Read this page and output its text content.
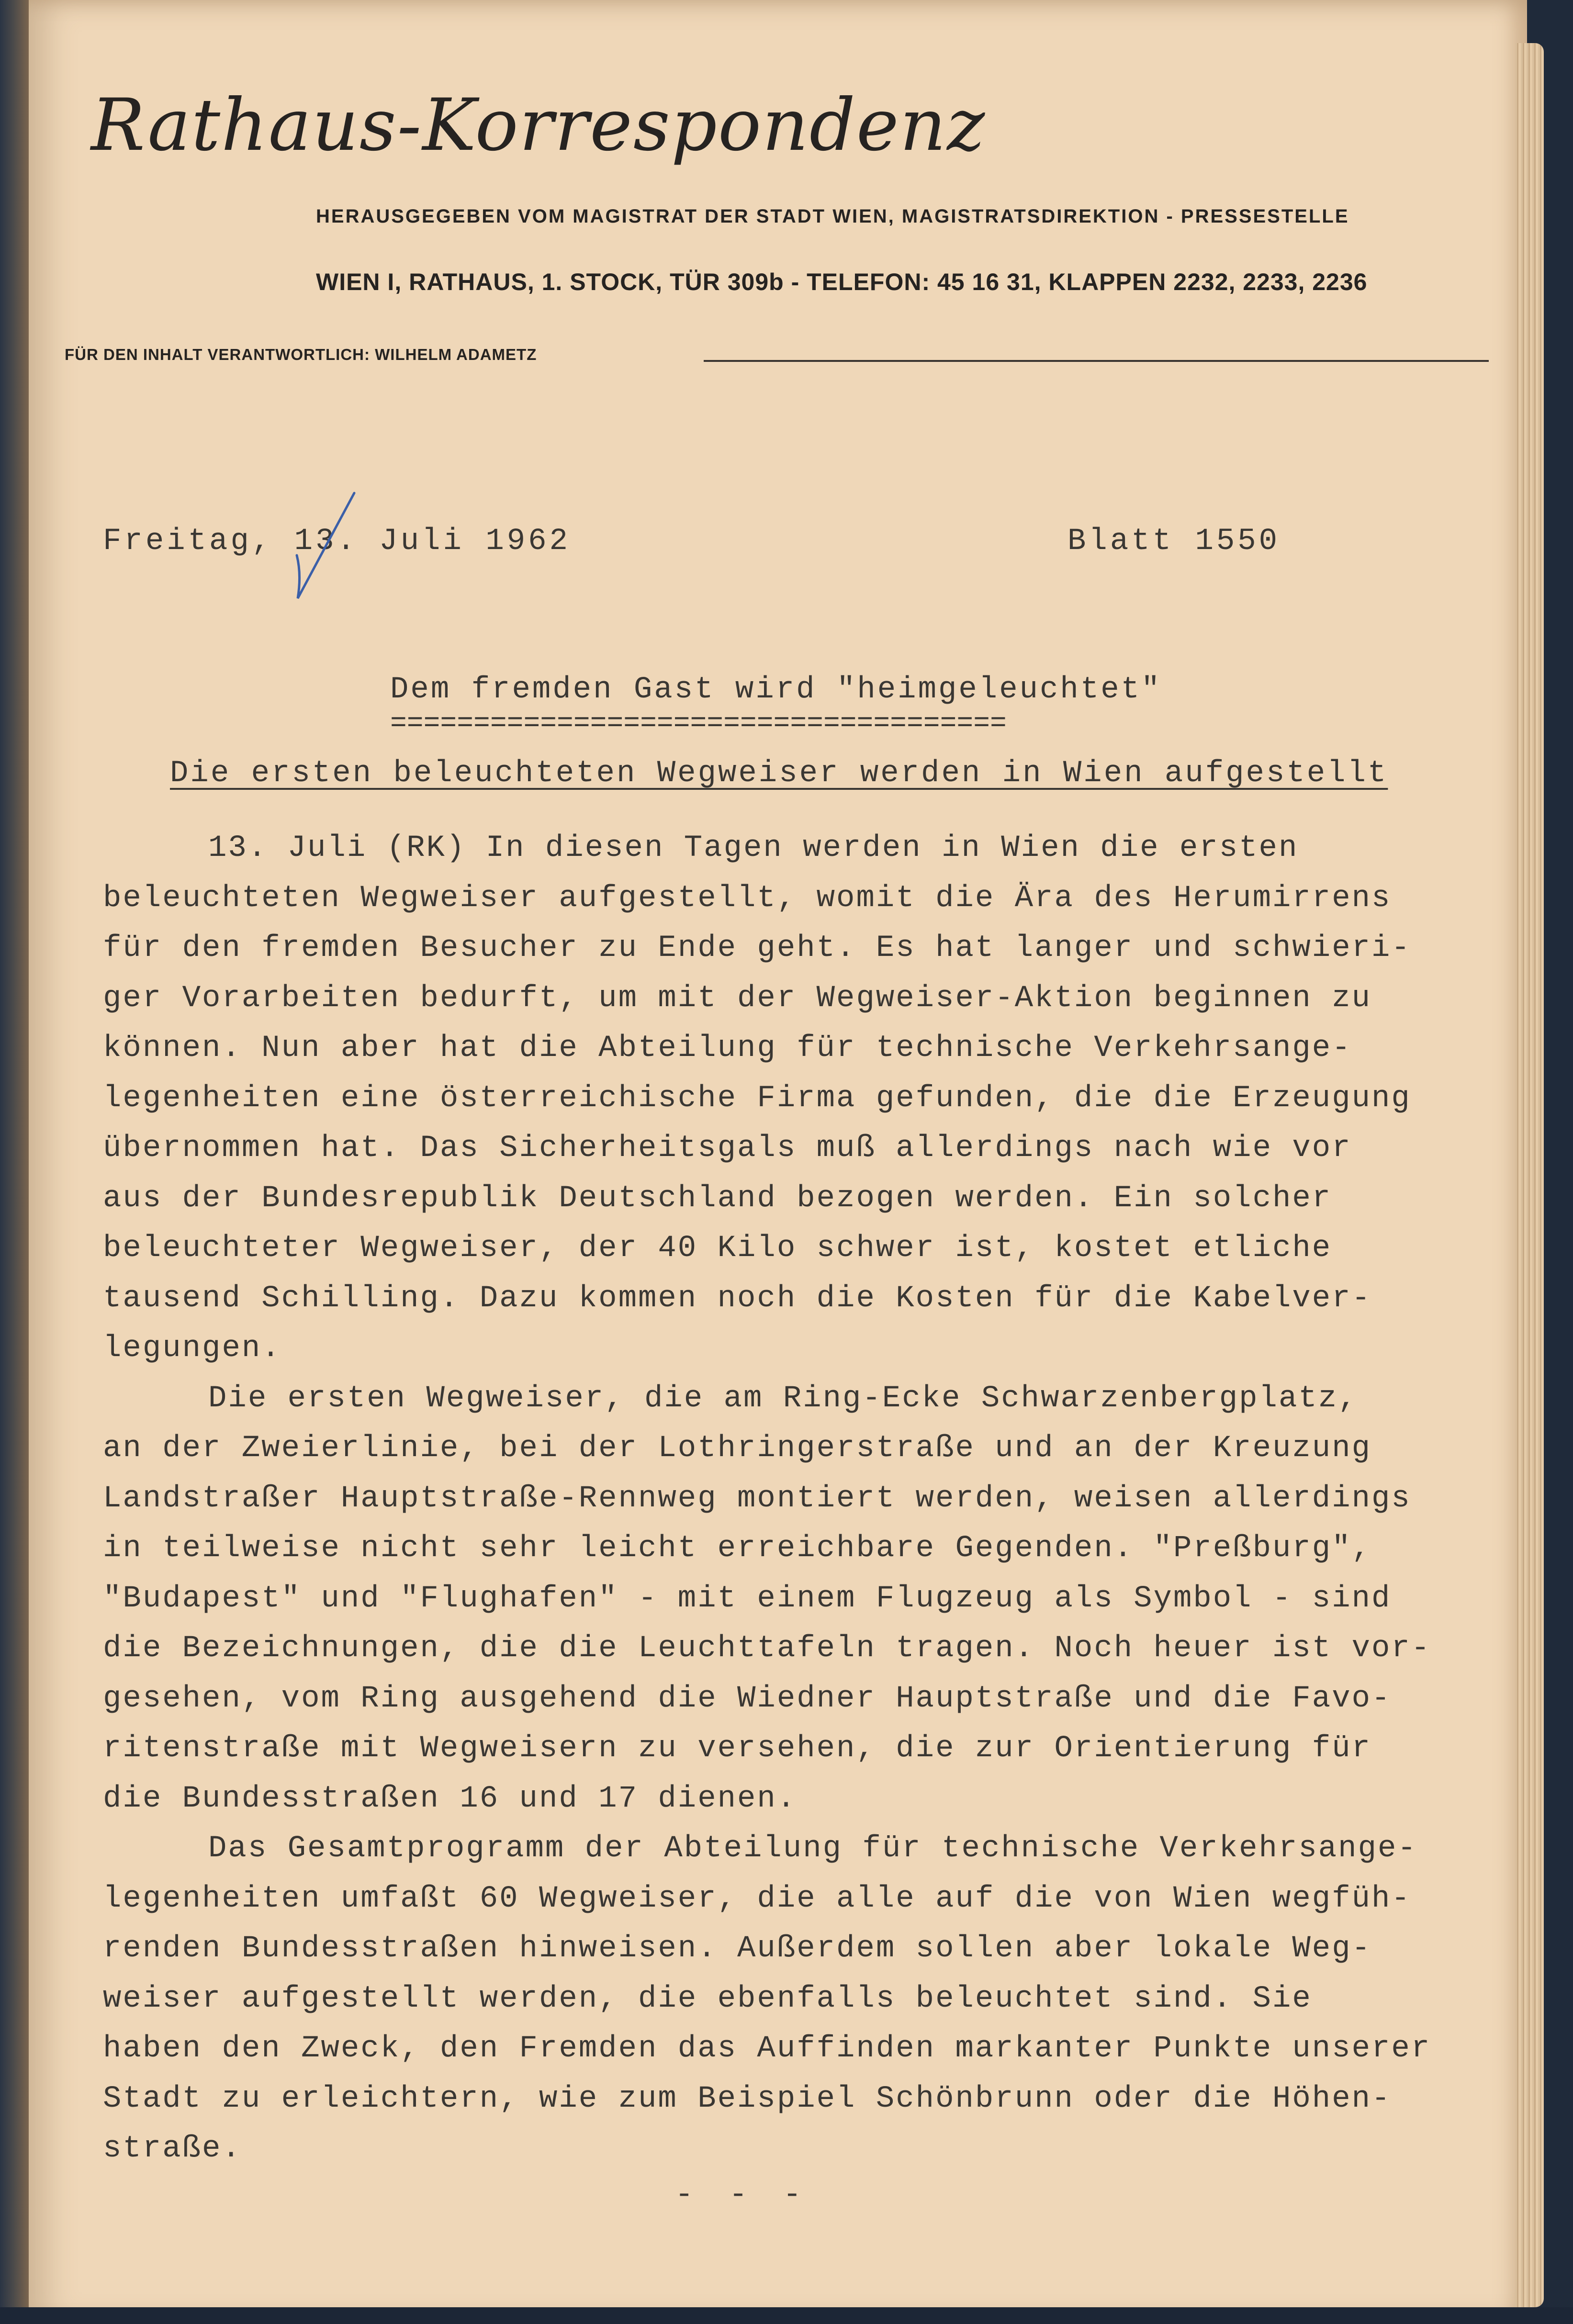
Rathaus-Korrespondenz
HERAUSGEGEBEN VOM MAGISTRAT DER STADT WIEN, MAGISTRATSDIREKTION - PRESSESTELLE
WIEN I, RATHAUS, 1. STOCK, TÜR 309b - TELEFON: 45 16 31, KLAPPEN 2232, 2233, 2236
FÜR DEN INHALT VERANTWORTLICH: WILHELM ADAMETZ
Freitag, 13. Juli 1962	Blatt 1550
Dem fremden Gast wird "heimgeleuchtet"
=====================================
Die ersten beleuchteten Wegweiser werden in Wien aufgestellt
13. Juli (RK) In diesen Tagen werden in Wien die ersten
beleuchteten Wegweiser aufgestellt, womit die Ära des Herumirrens
für den fremden Besucher zu Ende geht. Es hat langer und schwieri-
ger Vorarbeiten bedurft, um mit der Wegweiser-Aktion beginnen zu
können. Nun aber hat die Abteilung für technische Verkehrsange-
legenheiten eine österreichische Firma gefunden, die die Erzeugung
übernommen hat. Das Sicherheitsgals muß allerdings nach wie vor
aus der Bundesrepublik Deutschland bezogen werden. Ein solcher
beleuchteter Wegweiser, der 40 Kilo schwer ist, kostet etliche
tausend Schilling. Dazu kommen noch die Kosten für die Kabelver-
legungen.
Die ersten Wegweiser, die am Ring-Ecke Schwarzenbergplatz,
an der Zweierlinie, bei der Lothringerstraße und an der Kreuzung
Landstraßer Hauptstraße-Rennweg montiert werden, weisen allerdings
in teilweise nicht sehr leicht erreichbare Gegenden. "Preßburg",
"Budapest" und "Flughafen" - mit einem Flugzeug als Symbol - sind
die Bezeichnungen, die die Leuchttafeln tragen. Noch heuer ist vor-
gesehen, vom Ring ausgehend die Wiedner Hauptstraße und die Favo-
ritenstraße mit Wegweisern zu versehen, die zur Orientierung für
die Bundesstraßen 16 und 17 dienen.
Das Gesamtprogramm der Abteilung für technische Verkehrsange-
legenheiten umfaßt 60 Wegweiser, die alle auf die von Wien wegfüh-
renden Bundesstraßen hinweisen. Außerdem sollen aber lokale Weg-
weiser aufgestellt werden, die ebenfalls beleuchtet sind. Sie
haben den Zweck, den Fremden das Auffinden markanter Punkte unserer
Stadt zu erleichtern, wie zum Beispiel Schönbrunn oder die Höhen-
straße.
- - -
